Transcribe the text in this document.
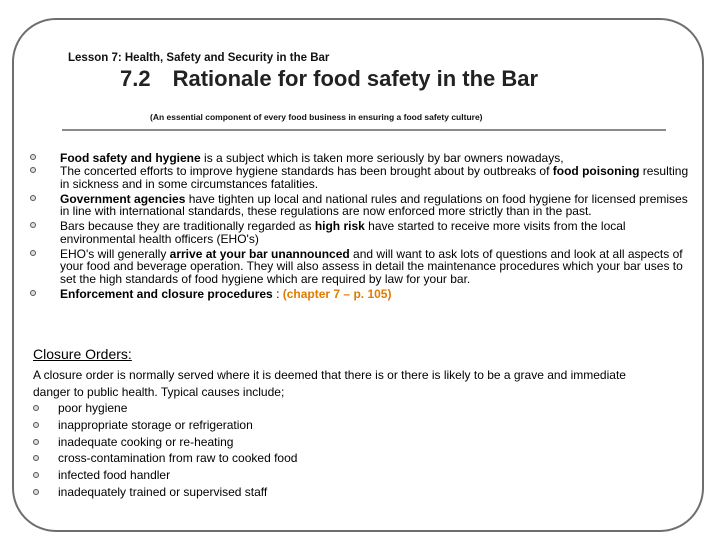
Lesson 7: Health, Safety and Security in the Bar
7.2 Rationale for food safety in the Bar
(An essential component of every food business in ensuring a food safety culture)
Food safety and hygiene is a subject which is taken more seriously by bar owners nowadays,
The concerted efforts to improve hygiene standards has been brought about by outbreaks of food poisoning resulting in sickness and in some circumstances fatalities.
Government agencies have tighten up local and national rules and regulations on food hygiene for licensed premises in line with international standards, these regulations are now enforced more strictly than in the past.
Bars because they are traditionally regarded as high risk have started to receive more visits from the local environmental health officers (EHO's)
EHO's will generally arrive at your bar unannounced and will want to ask lots of questions and look at all aspects of your food and beverage operation. They will also assess in detail the maintenance procedures which your bar uses to set the high standards of food hygiene which are required by law for your bar.
Enforcement and closure procedures : (chapter 7 – p. 105)
Closure Orders:
A closure order is normally served where it is deemed that there is or there is likely to be a grave and immediate danger to public health. Typical causes include;
poor hygiene
inappropriate storage or refrigeration
inadequate cooking or re-heating
cross-contamination from raw to cooked food
infected food handler
inadequately trained or supervised staff
